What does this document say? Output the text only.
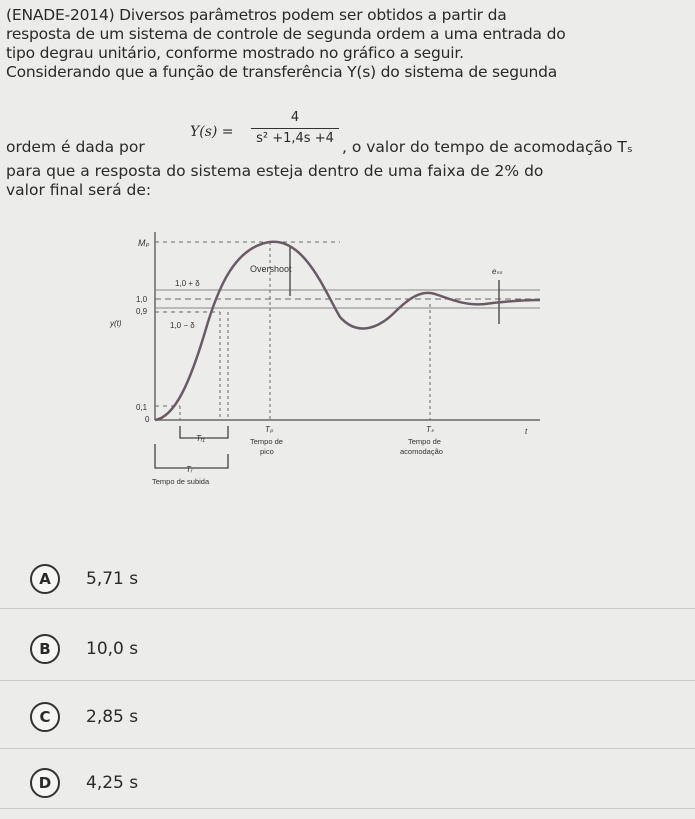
(ENADE-2014) Diversos parâmetros podem ser obtidos a partir da

resposta de um sistema de controle de segunda ordem a uma entrada do

tipo degrau unitário, conforme mostrado no gráfico a seguir.

Considerando que a função de transferência Y(s) do sistema de segunda

ordem é dada por
Y(s) =
4
s² +1,4s +4 , o valor do tempo de acomodação Tₛ

para que a resposta do sistema esteja dentro de uma faixa de 2% do

valor final será de:

Mₚ
Overshoot
1,0 + δ
1,0
0,9
y(t)	1,0 − δ
0,1
0
eₛₛ
Tₚ
Tempo de
pico
Tₛ
Tempo de
acomodação
t
Tᵣ₁
Tᵣ
Tempo de subida
A	5,71 s
B	10,0 s
C	2,85 s
D	4,25 s
